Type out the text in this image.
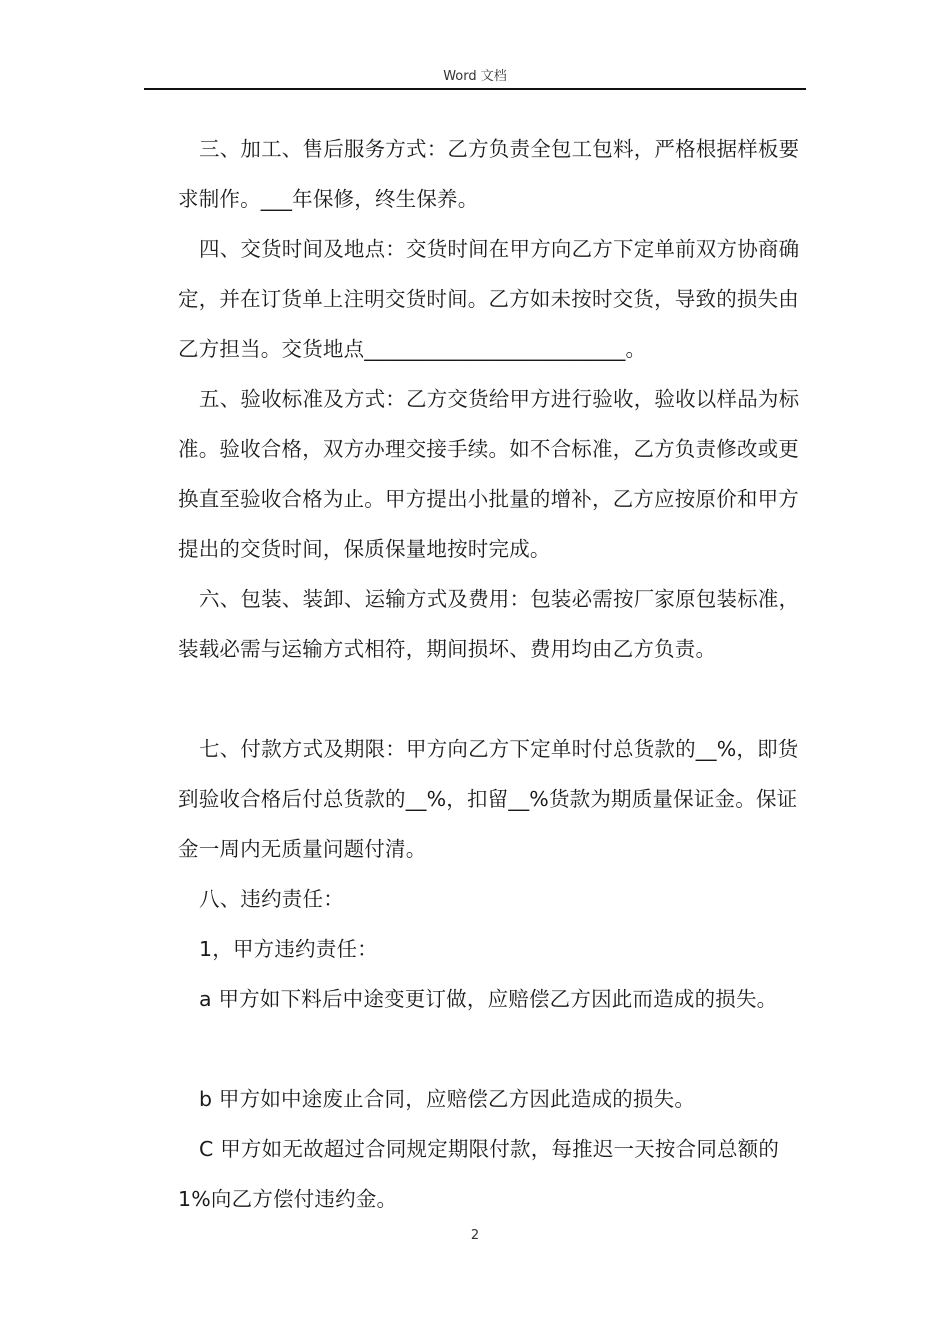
Word 文档

三、加工、售后服务方式：乙方负责全包工包料，严格根据样板要求制作。___年保修，终生保养。

四、交货时间及地点：交货时间在甲方向乙方下定单前双方协商确定，并在订货单上注明交货时间。乙方如未按时交货，导致的损失由乙方担当。交货地点_________________________。

五、验收标准及方式：乙方交货给甲方进行验收，验收以样品为标准。验收合格，双方办理交接手续。如不合标准，乙方负责修改或更换直至验收合格为止。甲方提出小批量的增补，乙方应按原价和甲方提出的交货时间，保质保量地按时完成。

六、包装、装卸、运输方式及费用：包装必需按厂家原包装标准，装载必需与运输方式相符，期间损坏、费用均由乙方负责。

七、付款方式及期限：甲方向乙方下定单时付总货款的__%，即货到验收合格后付总货款的__%，扣留__%货款为期质量保证金。保证金一周内无质量问题付清。

八、违约责任：

1，甲方违约责任：

a 甲方如下料后中途变更订做，应赔偿乙方因此而造成的损失。

b 甲方如中途废止合同，应赔偿乙方因此造成的损失。

C 甲方如无故超过合同规定期限付款，每推迟一天按合同总额的 1%向乙方偿付违约金。

2
